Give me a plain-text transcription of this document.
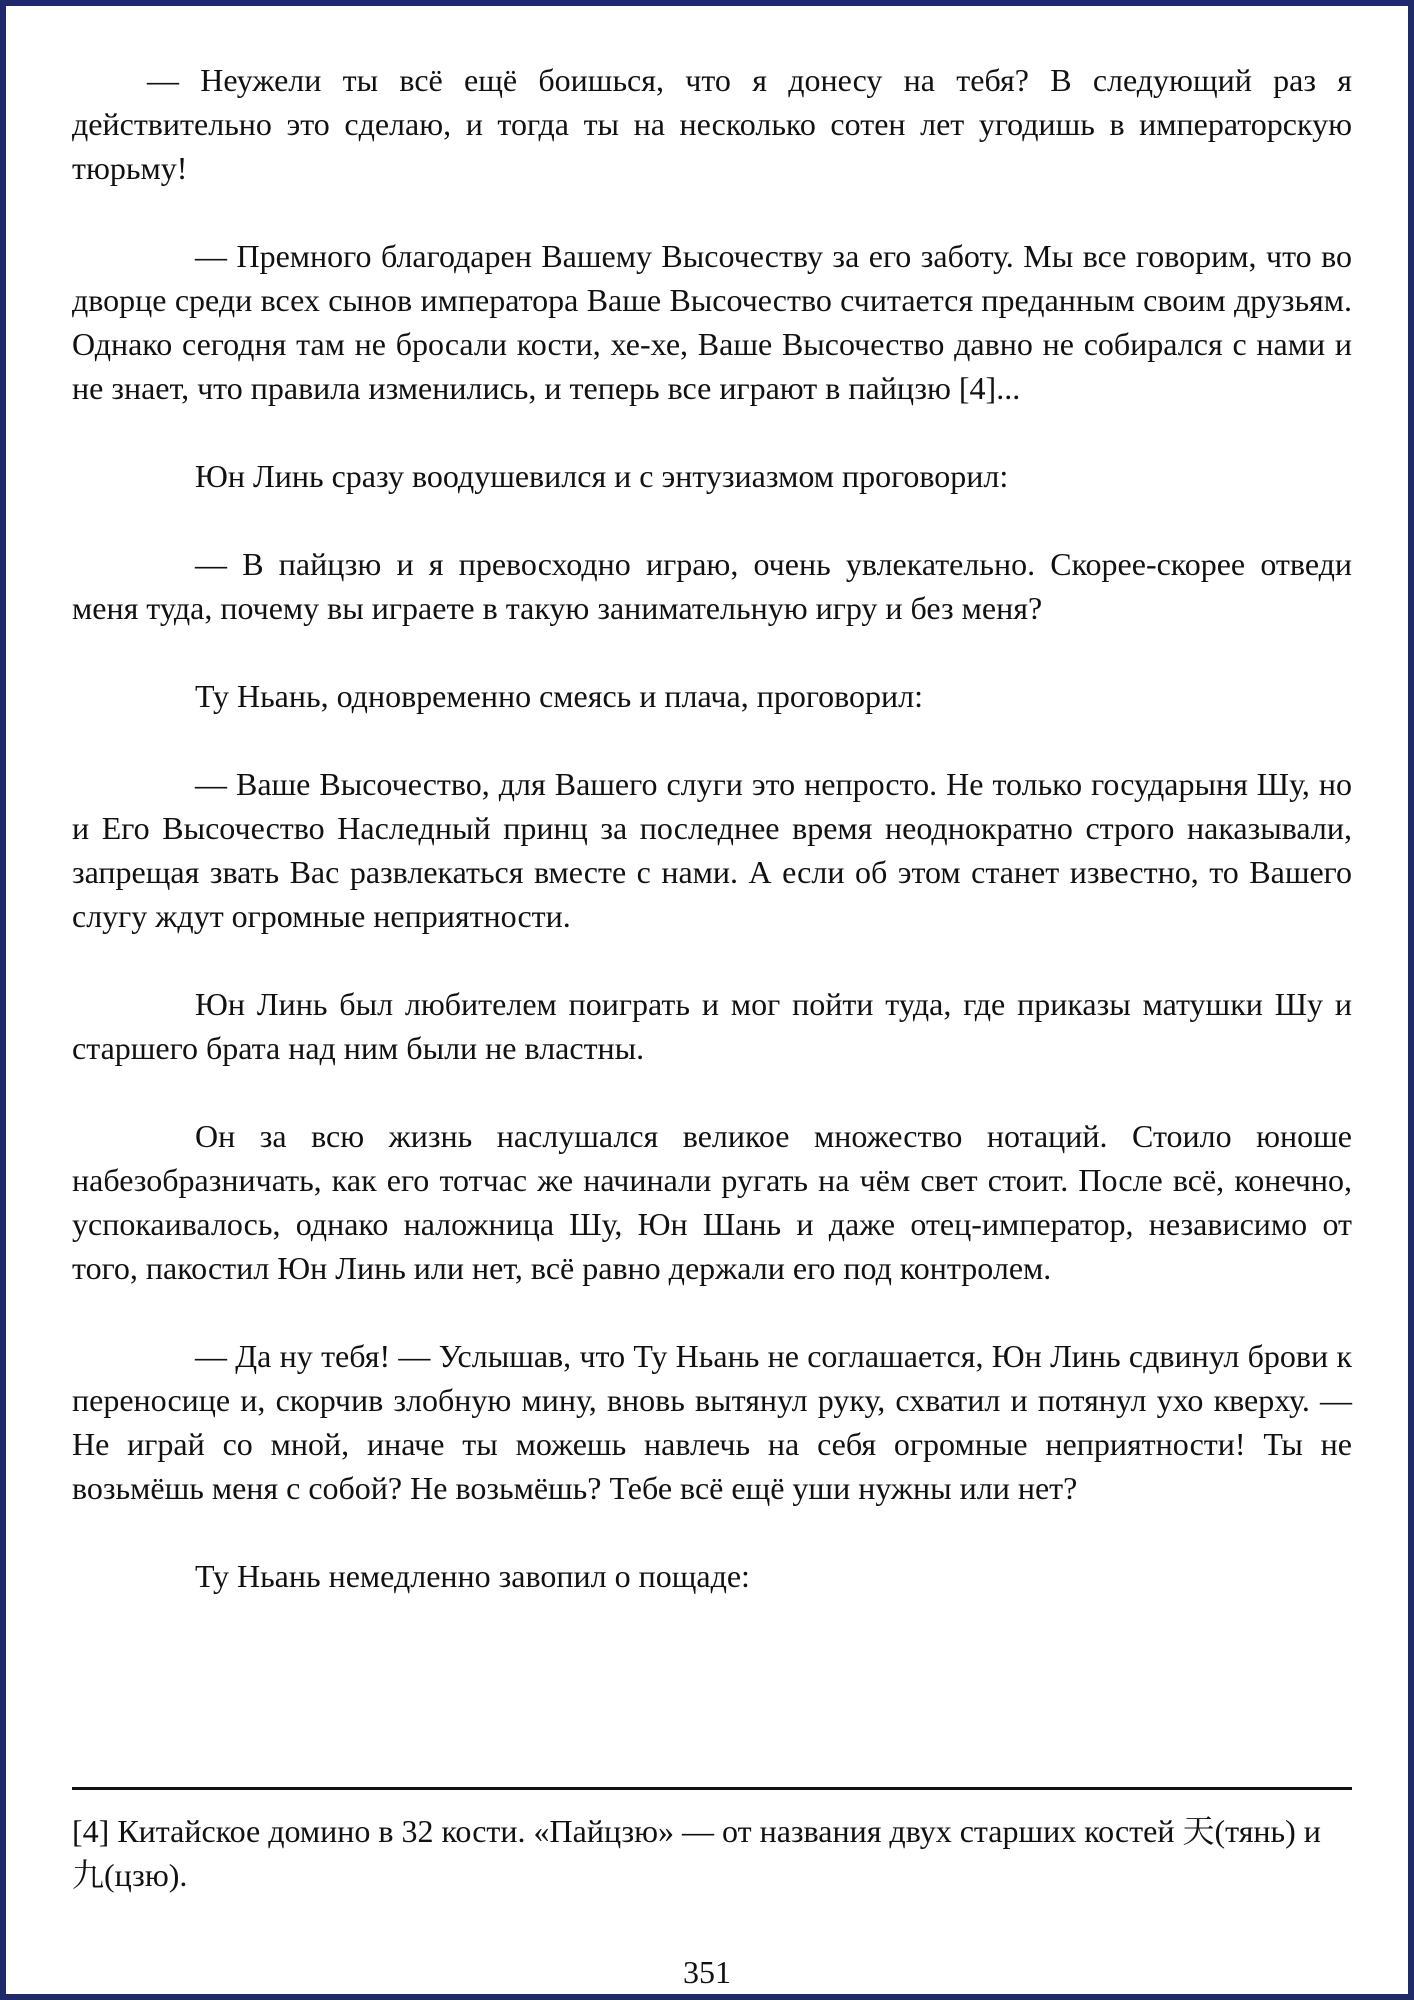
— Неужели ты всё ещё боишься, что я донесу на тебя? В следующий раз я действительно это сделаю, и тогда ты на несколько сотен лет угодишь в императорскую тюрьму!

— Премного благодарен Вашему Высочеству за его заботу. Мы все говорим, что во дворце среди всех сынов императора Ваше Высочество считается преданным своим друзьям. Однако сегодня там не бросали кости, хе-хе, Ваше Высочество давно не собирался с нами и не знает, что правила изменились, и теперь все играют в пайцзю [4]...

Юн Линь сразу воодушевился и с энтузиазмом проговорил:

— В пайцзю и я превосходно играю, очень увлекательно. Скорее-скорее отведи меня туда, почему вы играете в такую занимательную игру и без меня?

Ту Ньань, одновременно смеясь и плача, проговорил:

— Ваше Высочество, для Вашего слуги это непросто. Не только государыня Шу, но и Его Высочество Наследный принц за последнее время неоднократно строго наказывали, запрещая звать Вас развлекаться вместе с нами. А если об этом станет известно, то Вашего слугу ждут огромные неприятности.

Юн Линь был любителем поиграть и мог пойти туда, где приказы матушки Шу и старшего брата над ним были не властны.

Он за всю жизнь наслушался великое множество нотаций. Стоило юноше набезобразничать, как его тотчас же начинали ругать на чём свет стоит. После всё, конечно, успокаивалось, однако наложница Шу, Юн Шань и даже отец-император, независимо от того, пакостил Юн Линь или нет, всё равно держали его под контролем.

— Да ну тебя! — Услышав, что Ту Ньань не соглашается, Юн Линь сдвинул брови к переносице и, скорчив злобную мину, вновь вытянул руку, схватил и потянул ухо кверху. — Не играй со мной, иначе ты можешь навлечь на себя огромные неприятности! Ты не возьмёшь меня с собой? Не возьмёшь? Тебе всё ещё уши нужны или нет?

Ту Ньань немедленно завопил о пощаде:

[4] Китайское домино в 32 кости. «Пайцзю» — от названия двух старших костей 天(тянь) и 九(цзю).

351
